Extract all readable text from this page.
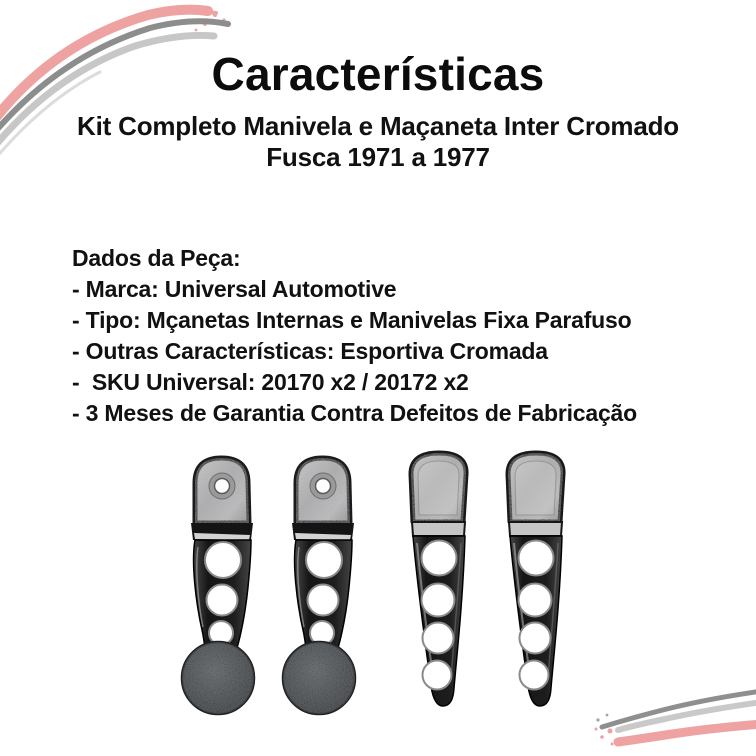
Características
Kit Completo Manivela e Maçaneta Inter Cromado
Fusca 1971 a 1977
Dados da Peça:
- Marca: Universal Automotive
- Tipo: Mçanetas Internas e Manivelas Fixa Parafuso
- Outras Características: Esportiva Cromada
-  SKU Universal: 20170 x2 / 20172 x2
- 3 Meses de Garantia Contra Defeitos de Fabricação
